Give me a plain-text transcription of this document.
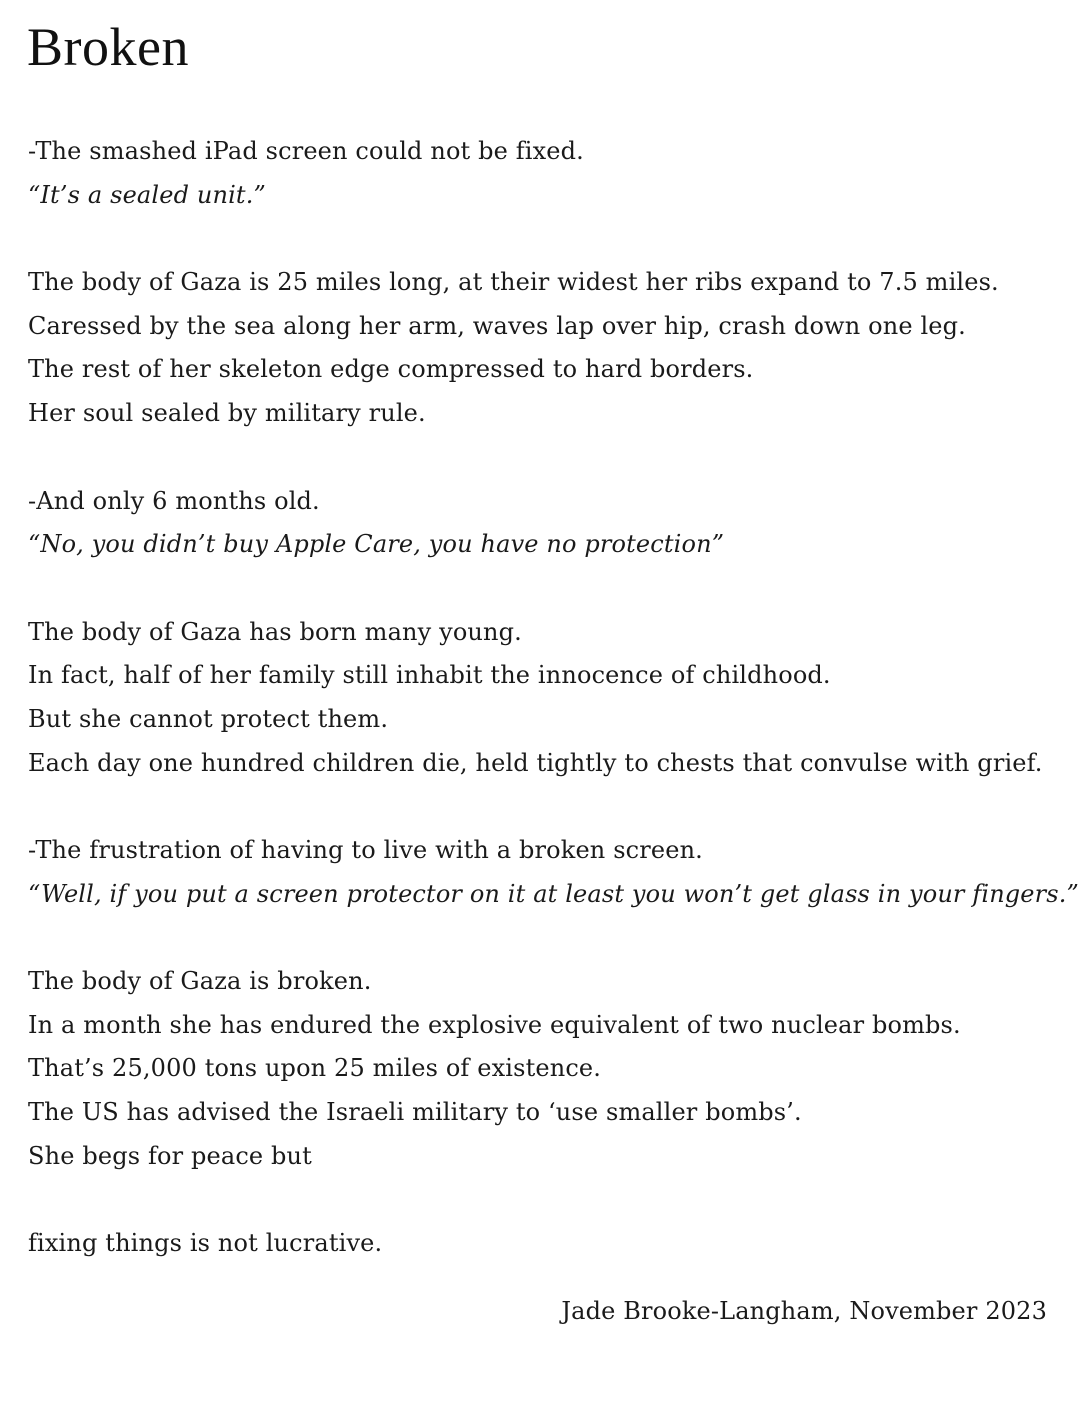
Broken
-The smashed iPad screen could not be fixed.
“It’s a sealed unit.”
The body of Gaza is 25 miles long, at their widest her ribs expand to 7.5 miles.
Caressed by the sea along her arm, waves lap over hip, crash down one leg.
The rest of her skeleton edge compressed to hard borders.
Her soul sealed by military rule.
-And only 6 months old.
“No, you didn’t buy Apple Care, you have no protection”
The body of Gaza has born many young.
In fact, half of her family still inhabit the innocence of childhood.
But she cannot protect them.
Each day one hundred children die, held tightly to chests that convulse with grief.
-The frustration of having to live with a broken screen.
“Well, if you put a screen protector on it at least you won’t get glass in your fingers.”
The body of Gaza is broken.
In a month she has endured the explosive equivalent of two nuclear bombs.
That’s 25,000 tons upon 25 miles of existence.
The US has advised the Israeli military to ‘use smaller bombs’.
She begs for peace but
fixing things is not lucrative.
Jade Brooke-Langham, November 2023
